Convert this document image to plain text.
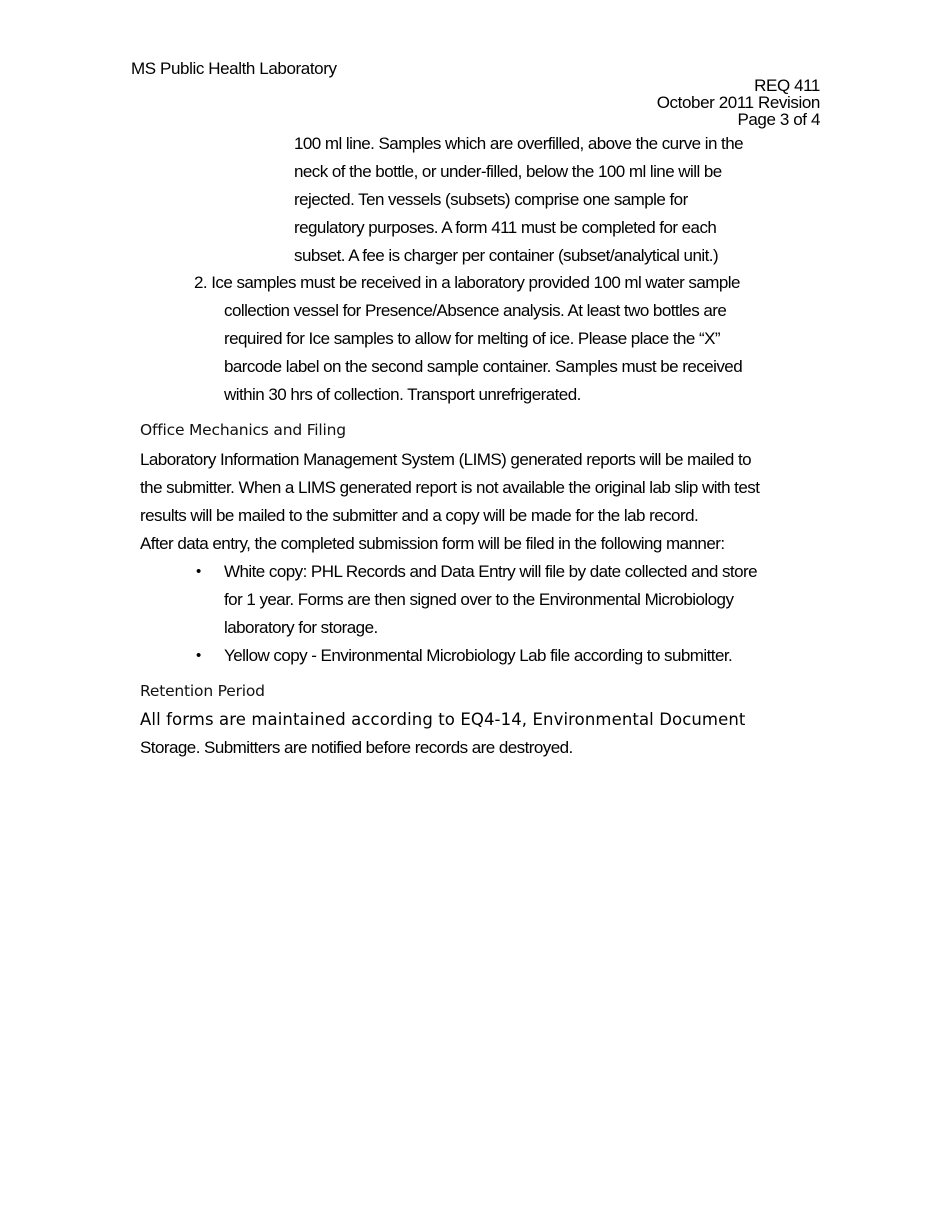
MS Public Health Laboratory
REQ 411
October 2011 Revision
Page 3 of 4
100 ml line. Samples which are overfilled, above the curve in the
neck of the bottle, or under-filled, below the 100 ml line will be
rejected. Ten vessels (subsets) comprise one sample for
regulatory purposes. A form 411 must be completed for each
subset. A fee is charger per container (subset/analytical unit.)
2. Ice samples must be received in a laboratory provided 100 ml water sample
collection vessel for Presence/Absence analysis. At least two bottles are
required for Ice samples to allow for melting of ice. Please place the “X”
barcode label on the second sample container. Samples must be received
within 30 hrs of collection. Transport unrefrigerated.
Office Mechanics and Filing
Laboratory Information Management System (LIMS) generated reports will be mailed to
the submitter. When a LIMS generated report is not available the original lab slip with test
results will be mailed to the submitter and a copy will be made for the lab record.
After data entry, the completed submission form will be filed in the following manner:
• White copy: PHL Records and Data Entry will file by date collected and store
for 1 year. Forms are then signed over to the Environmental Microbiology
laboratory for storage.
• Yellow copy - Environmental Microbiology Lab file according to submitter.
Retention Period
All forms are maintained according to EQ4-14, Environmental Document
Storage. Submitters are notified before records are destroyed.
